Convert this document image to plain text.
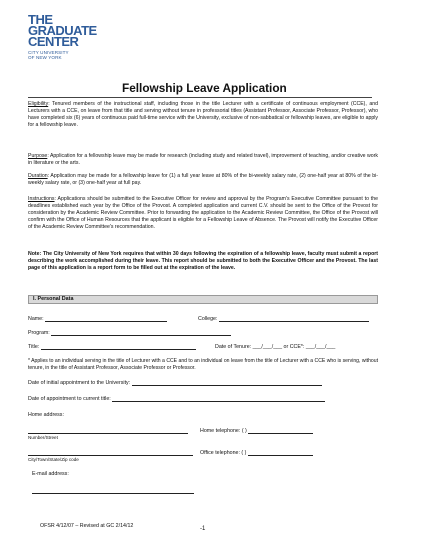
THE
GRADUATE
CENTER
CITY UNIVERSITY
OF NEW YORK
Fellowship Leave Application
Eligibility: Tenured members of the instructional staff, including those in the title Lecturer with a certificate of continuous employment (CCE), and Lecturers with a CCE, on leave from that title and serving without tenure in professorial titles (Assistant Professor, Associate Professor, Professor), who have completed six (6) years of continuous paid full-time service with the University, exclusive of non-sabbatical or fellowship leaves, are eligible to apply for a fellowship leave.
Purpose: Application for a fellowship leave may be made for research (including study and related travel), improvement of teaching, and/or creative work in literature or the arts.
Duration: Application may be made for a fellowship leave for (1) a full year leave at 80% of the bi-weekly salary rate, (2) one-half year at 80% of the bi-weekly salary rate, or (3) one-half year at full pay.
Instructions: Applications should be submitted to the Executive Officer for review and approval by the Program's Executive Committee pursuant to the deadlines established each year by the Office of the Provost. A completed application and current C.V. should be sent to the Office of the Provost for consideration by the Academic Review Committee. Prior to forwarding the application to the Academic Review Committee, the Office of the Provost will confirm with the Office of Human Resources that the applicant is eligible for a Fellowship Leave of Absence. The Provost will notify the Executive Officer of the Academic Review Committee's recommendation.
Note: The City University of New York requires that within 30 days following the expiration of a fellowship leave, faculty must submit a report describing the work accomplished during their leave. This report should be submitted to both the Executive Officer and the Provost. The last page of this application is a report form to be filled out at the expiration of the leave.
I. Personal Data
Name:	College:
Program:
Title:	Date of Tenure: ___/___/___ or CCE*: ___/___/___
* Applies to an individual serving in the title of Lecturer with a CCE and to an individual on leave from the title of Lecturer with a CCE who is serving, without tenure, in the title of Assistant Professor, Associate Professor or Professor.
Date of initial appointment to the University:
Date of appointment to current title:
Home address:
Number/Street
Home telephone: ( )
City/Town/State/Zip code
Office telephone: ( )
E-mail address:
OFSR 4/12/07 – Revised at GC 2/14/12	-1
